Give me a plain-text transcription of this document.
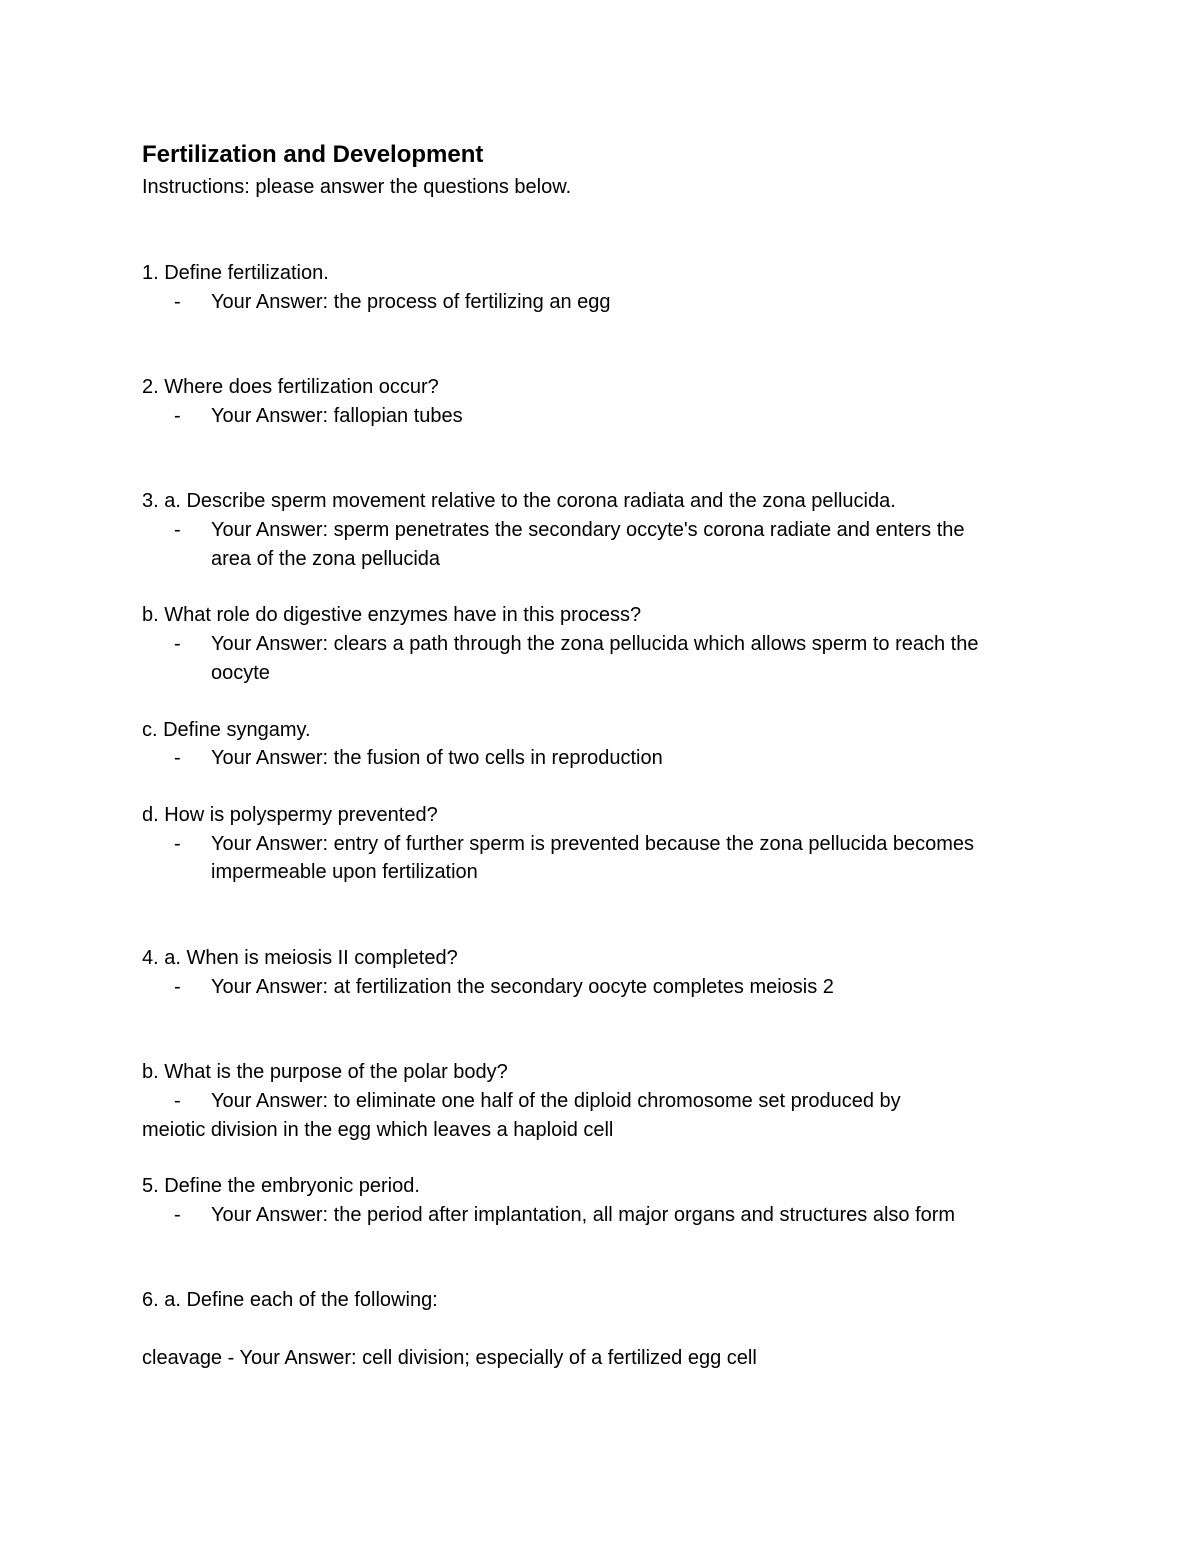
Fertilization and Development
Instructions: please answer the questions below.
1. Define fertilization.
- Your Answer: the process of fertilizing an egg
2. Where does fertilization occur?
- Your Answer: fallopian tubes
3. a. Describe sperm movement relative to the corona radiata and the zona pellucida.
- Your Answer: sperm penetrates the secondary occyte's corona radiate and enters the
area of the zona pellucida
b. What role do digestive enzymes have in this process?
- Your Answer: clears a path through the zona pellucida which allows sperm to reach the
oocyte
c. Define syngamy.
- Your Answer: the fusion of two cells in reproduction
d. How is polyspermy prevented?
- Your Answer: entry of further sperm is prevented because the zona pellucida becomes
impermeable upon fertilization
4. a. When is meiosis II completed?
- Your Answer: at fertilization the secondary oocyte completes meiosis 2
b. What is the purpose of the polar body?
- Your Answer: to eliminate one half of the diploid chromosome set produced by
meiotic division in the egg which leaves a haploid cell
5. Define the embryonic period.
- Your Answer: the period after implantation, all major organs and structures also form
6. a. Define each of the following:
cleavage - Your Answer: cell division; especially of a fertilized egg cell
